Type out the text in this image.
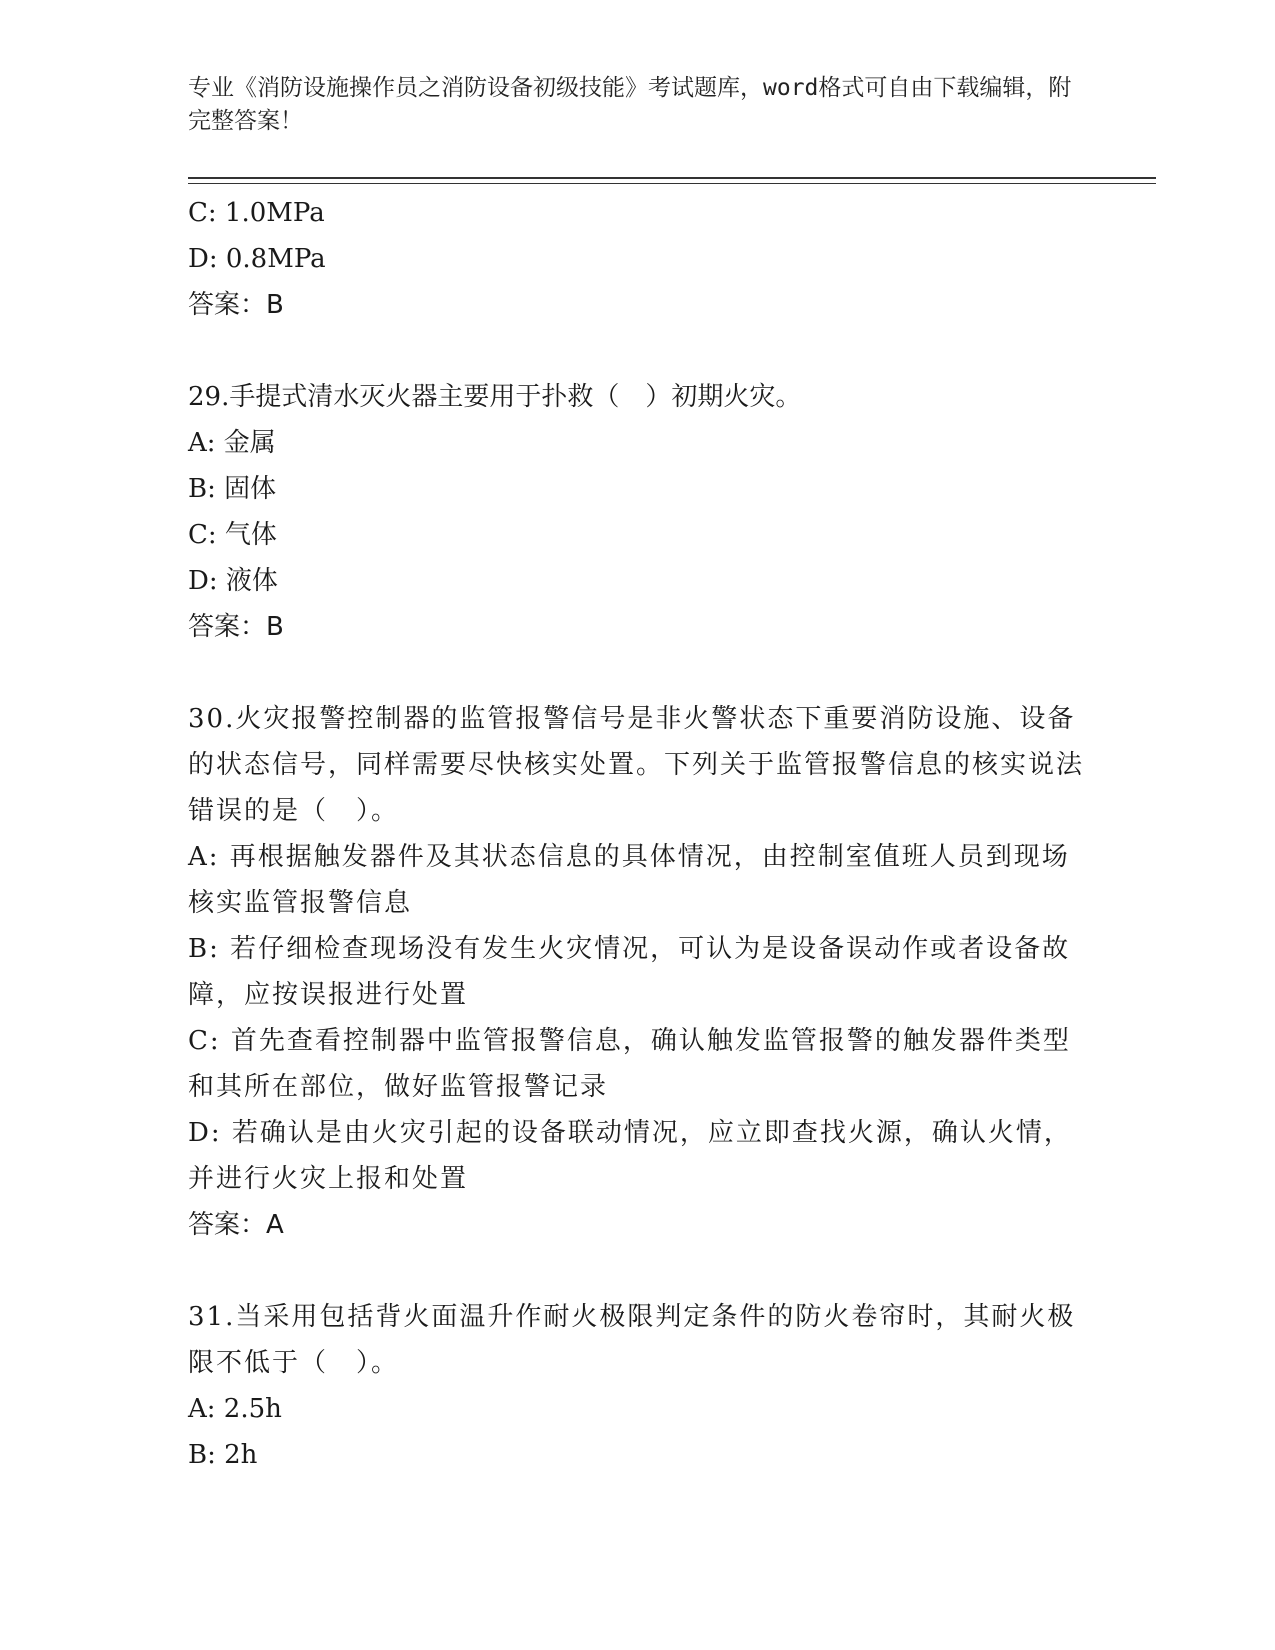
专业《消防设施操作员之消防设备初级技能》考试题库，word格式可自由下载编辑，附完整答案！
C: 1.0MPa
D: 0.8MPa
答案：B
29.手提式清水灭火器主要用于扑救（　）初期火灾。
A: 金属
B: 固体
C: 气体
D: 液体
答案：B
30.火灾报警控制器的监管报警信号是非火警状态下重要消防设施、设备的状态信号，同样需要尽快核实处置。下列关于监管报警信息的核实说法错误的是（　）。
A: 再根据触发器件及其状态信息的具体情况，由控制室值班人员到现场核实监管报警信息
B: 若仔细检查现场没有发生火灾情况，可认为是设备误动作或者设备故障，应按误报进行处置
C: 首先查看控制器中监管报警信息，确认触发监管报警的触发器件类型和其所在部位，做好监管报警记录
D: 若确认是由火灾引起的设备联动情况，应立即查找火源，确认火情，并进行火灾上报和处置
答案：A
31.当采用包括背火面温升作耐火极限判定条件的防火卷帘时，其耐火极限不低于（　）。
A: 2.5h
B: 2h
